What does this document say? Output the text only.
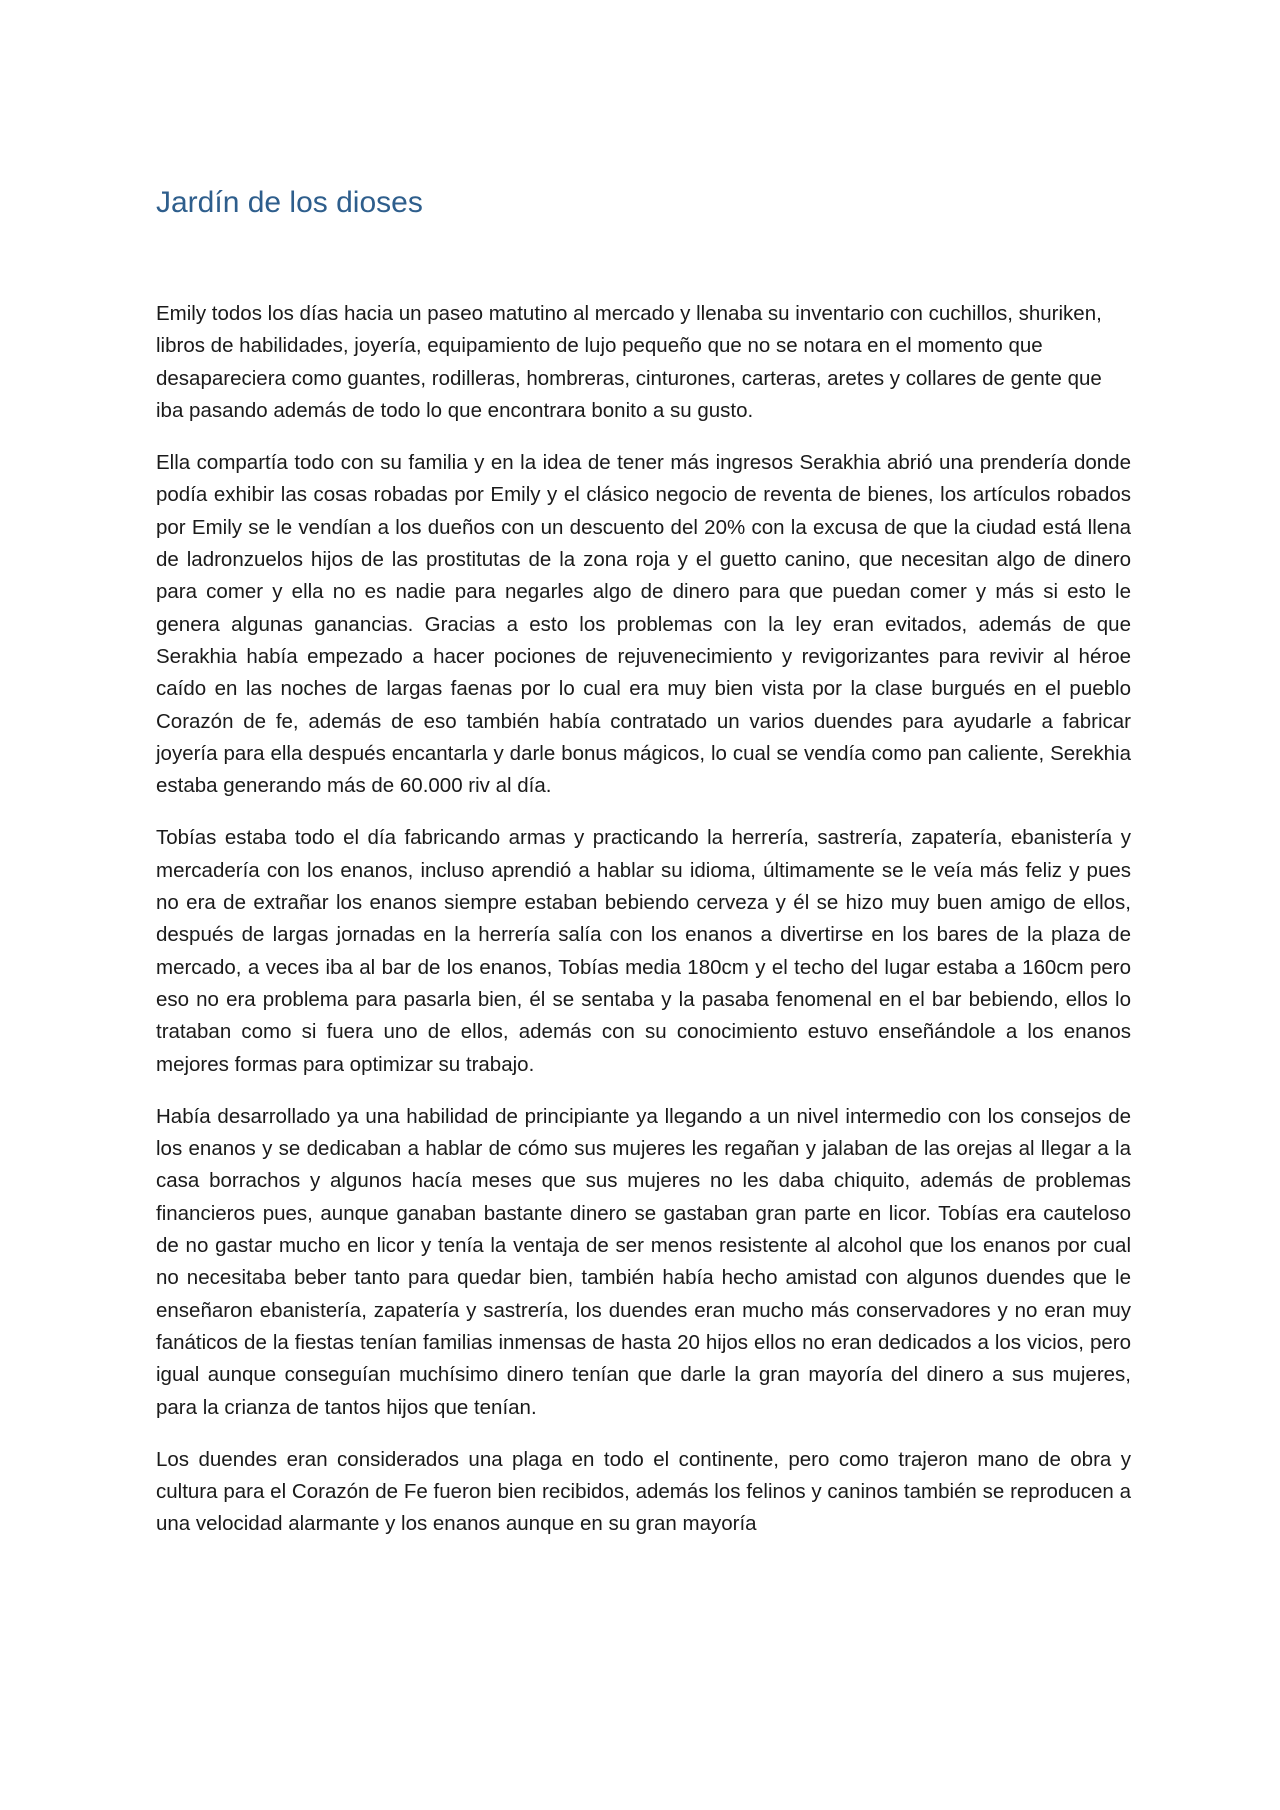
Jardín de los dioses

Emily todos los días hacia un paseo matutino al mercado y llenaba su inventario con cuchillos, shuriken, libros de habilidades, joyería, equipamiento de lujo pequeño que no se notara en el momento que desapareciera como guantes, rodilleras, hombreras, cinturones, carteras, aretes y collares de gente que iba pasando además de todo lo que encontrara bonito a su gusto.

Ella compartía todo con su familia y en la idea de tener más ingresos Serakhia abrió una prendería donde podía exhibir las cosas robadas por Emily y el clásico negocio de reventa de bienes, los artículos robados por Emily se le vendían a los dueños con un descuento del 20% con la excusa de que la ciudad está llena de ladronzuelos hijos de las prostitutas de la zona roja y el guetto canino, que necesitan algo de dinero para comer y ella no es nadie para negarles algo de dinero para que puedan comer y más si esto le genera algunas ganancias. Gracias a esto los problemas con la ley eran evitados, además de que Serakhia había empezado a hacer pociones de rejuvenecimiento y revigorizantes para revivir al héroe caído en las noches de largas faenas por lo cual era muy bien vista por la clase burgués en el pueblo Corazón de fe, además de eso también había contratado un varios duendes para ayudarle a fabricar joyería para ella después encantarla y darle bonus mágicos, lo cual se vendía como pan caliente, Serekhia estaba generando más de 60.000 riv al día.

Tobías estaba todo el día fabricando armas y practicando la herrería, sastrería, zapatería, ebanistería y mercadería con los enanos, incluso aprendió a hablar su idioma, últimamente se le veía más feliz y pues no era de extrañar los enanos siempre estaban bebiendo cerveza y él se hizo muy buen amigo de ellos, después de largas jornadas en la herrería salía con los enanos a divertirse en los bares de la plaza de mercado, a veces iba al bar de los enanos, Tobías media 180cm y el techo del lugar estaba a 160cm pero eso no era problema para pasarla bien, él se sentaba y la pasaba fenomenal en el bar bebiendo, ellos lo trataban como si fuera uno de ellos, además con su conocimiento estuvo enseñándole a los enanos mejores formas para optimizar su trabajo.

Había desarrollado ya una habilidad de principiante ya llegando a un nivel intermedio con los consejos de los enanos y se dedicaban a hablar de cómo sus mujeres les regañan y jalaban de las orejas al llegar a la casa borrachos y algunos hacía meses que sus mujeres no les daba chiquito, además de problemas financieros pues, aunque ganaban bastante dinero se gastaban gran parte en licor. Tobías era cauteloso de no gastar mucho en licor y tenía la ventaja de ser menos resistente al alcohol que los enanos por cual no necesitaba beber tanto para quedar bien, también había hecho amistad con algunos duendes que le enseñaron ebanistería, zapatería y sastrería, los duendes eran mucho más conservadores y no eran muy fanáticos de la fiestas tenían familias inmensas de hasta 20 hijos ellos no eran dedicados a los vicios, pero igual aunque conseguían muchísimo dinero tenían que darle la gran mayoría del dinero a sus mujeres, para la crianza de tantos hijos que tenían.

Los duendes eran considerados una plaga en todo el continente, pero como trajeron mano de obra y cultura para el Corazón de Fe fueron bien recibidos, además los felinos y caninos también se reproducen a una velocidad alarmante y los enanos aunque en su gran mayoría
